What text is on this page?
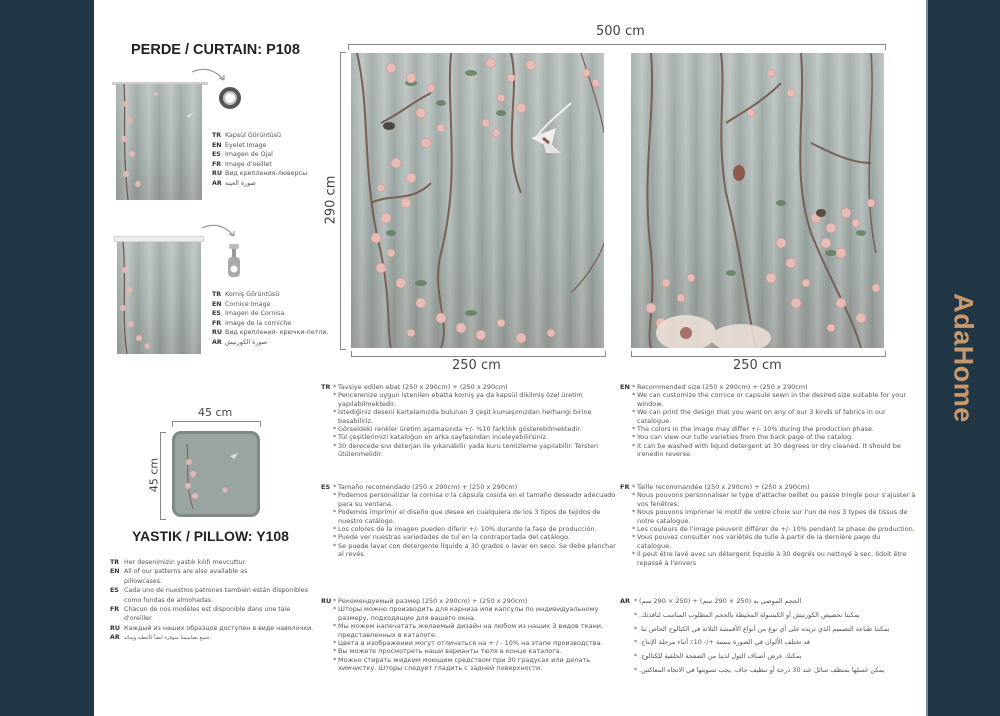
AdaHome
PERDE / CURTAIN: P108
TR Kapsül Görüntüsü
EN Eyelet Image
ES Imagen de Ojal
FR Image d'oeillet
RU Вид крепления-люверсы
AR صورة العينة
TR Korniş Görüntüsü
EN Cornice Image
ES Imagen de Cornisa
FR Image de la corniche
RU Вид крепления- крючки-петли.
AR صورة الكورنيش
500 cm
290 cm
250 cm	250 cm
45 cm
45 cm
YASTIK / PILLOW: Y108
TR Her desenimizin yastık kılıfı mevcuttur.
EN All of our patterns are also available as
pillowcases.
ES Cada uno de nuestros patrones también están disponibles
como fundas de almohadas.
FR Chacun de nos modèles est disponible dans une taie
d'oreiller.
RU Каждый из наших образцов доступен в виде наволочки.
AR جميع تصاميمنا متوفرة أيضاً كأغطية وسائد.
TR	* Tavsiye edilen ebat (250 x 290cm) + (250 x 290cm)
* Pencerenize uygun istenilen ebatta korniş ya da kapsül dikilmiş özel üretim yapılabilmektedir.
* İstediğiniz deseni kartelamızda bulunan 3 çeşit kumaşımızdan herhangi birine basabiliriz.
* Görseldeki renkler üretim aşamasında +/- %10 farklılık gösterebilmektedir.
* Tül çeşitlerimizi kataloğun en arka sayfasından inceleyebilirsiniz.
* 30 derecede sıvı deterjan ile yıkanabilir yada kuru temizleme yapılabilir. Tersten ütülenmelidir.
ES	* Tamaño recomendado (250 x 290cm) + (250 x 290cm)
* Podemos personalizar la cornisa o la cápsula cosida en el tamaño deseado adecuado para su ventana.
* Podemos imprimir el diseño que desee en cualquiera de los 3 tipos de tejidos de nuestro catálogo.
* Los colores de la imagen pueden diferir +/- 10% durante la fase de producción.
* Puede ver nuestras variedades de tul en la contraportada del catálogo.
* Se puede lavar con detergente líquido a 30 grados o lavar en seco. Se debe planchar al revés.
RU	* Рекомендуемый размер (250 x 290cm) + (250 x 290cm)
* Шторы можно производить для карниза или капсулы по индивидуальному размеру, подходящие для вашего окна.
* Мы можем напечатать желаемый дизайн на любом из наших 3 видов ткани, представленных в каталоге.
* Цвета в изображении могут отличаться на + / - 10% на этапе производства.
* Вы можете просмотреть наши варианты тюля в конце каталога.
* Можно стирать жидким моющим средством при 30 градусах или делать химчистку. Шторы следует гладить с задней поверхности.
EN	* Recommended size (250 x 290cm) + (250 x 290cm)
* We can customize the cornice or capsule sewn in the desired size suitable for your window.
* We can print the design that you want on any of our 3 kinds of fabrics in our catalogue.
* The colors in the image may differ +/- 10% during the production phase.
* You can view our tulle varieties from the back page of the catalog.
* It can be washed with liquid detergent at 30 degrees or dry cleaned. It should be ironedin reverse.
FR	* Taille recommandée (250 x 290cm) + (250 x 290cm)
* Nous pouvons personnaliser le type d'attache oeillet ou passe tringle pour s'ajuster à vos fenêtres.
* Nous pouvons imprimer le motif de votre choix sur l'un de nos 3 types de tissus de notre catalogue.
* Les couleurs de l'image peuvent différer de +/- 10% pendant la phase de production.
* Vous pouvez consulter nos variétés de tulle à partir de la dernière page du catalogue.
* Il peut être lavé avec un détergent liquide à 30 degrés ou nettoyé à sec. Ildoit être repassé à l'envers
AR	* الحجم الموصى به (250 × 290 سم) + (250 × 290 سم)
* يمكننا تخصيص الكورنيش أو الكبسولة المخيطة بالحجم المطلوب المناسب لنافذتك.
* يمكننا طباعة التصميم الذي تريده على أي نوع من أنواع الأقمشة الثلاثة في الكتالوج الخاص بنا.
* قد تختلف الألوان في الصورة بنسبة +/- 10٪ أثناء مرحلة الإنتاج.
* يمكنك عرض أصناف التول لدينا من الصفحة الخلفية للكتالوج.
* يمكن غسلها بمنظف سائل عند 30 درجة أو تنظيف جاف. يجب تسويتها في الاتجاه المعاكس.
